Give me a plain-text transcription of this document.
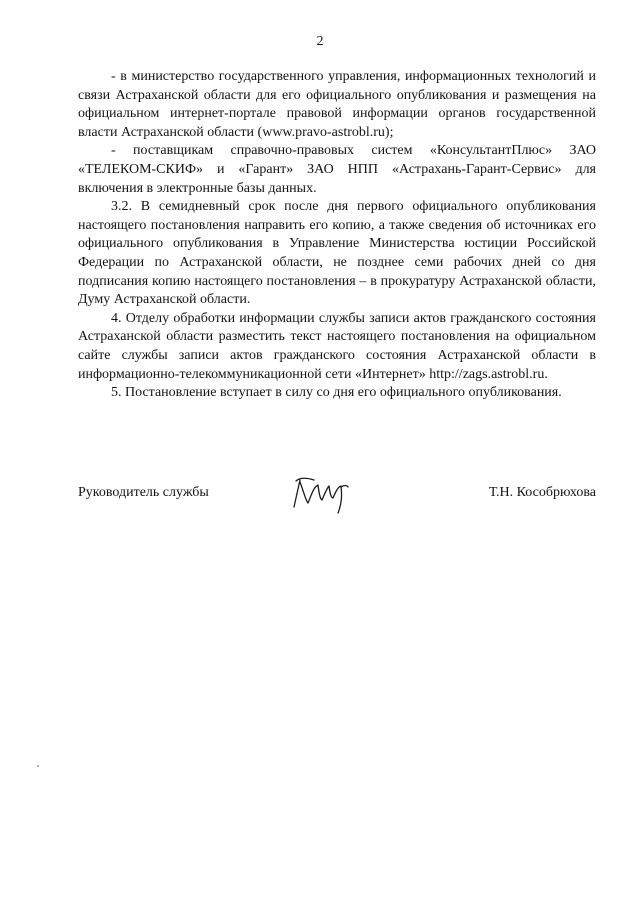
2

- в министерство государственного управления, информационных технологий и связи Астраханской области для его официального опубликования и размещения на официальном интернет-портале правовой информации органов государственной власти Астраханской области (www.pravo-astrobl.ru);

- поставщикам справочно-правовых систем «КонсультантПлюс» ЗАО «ТЕЛЕКОМ-СКИФ» и «Гарант» ЗАО НПП «Астрахань-Гарант-Сервис» для включения в электронные базы данных.

3.2. В семидневный срок после дня первого официального опубликования настоящего постановления направить его копию, а также сведения об источниках его официального опубликования в Управление Министерства юстиции Российской Федерации по Астраханской области, не позднее семи рабочих дней со дня подписания копию настоящего постановления – в прокуратуру Астраханской области, Думу Астраханской области.

4. Отделу обработки информации службы записи актов гражданского состояния Астраханской области разместить текст настоящего постановления на официальном сайте службы записи актов гражданского состояния Астраханской области в информационно-телекоммуникационной сети «Интернет» http://zags.astrobl.ru.

5. Постановление вступает в силу со дня его официального опубликования.

Руководитель службы	Т.Н. Кособрюхова
